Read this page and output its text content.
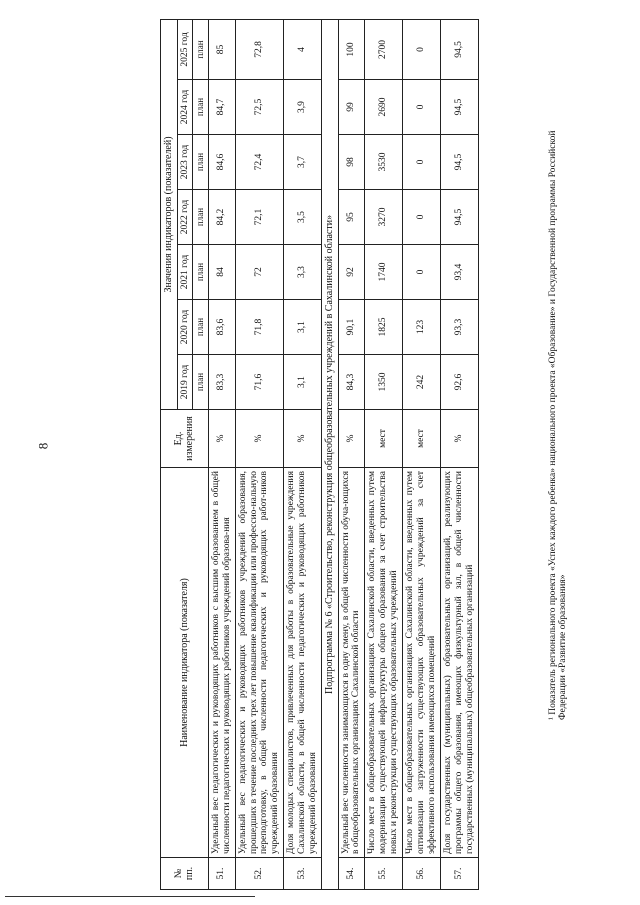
8
№ пп.	Наименование индикатора (показателя)	Ед. измерения	Значения индикаторов (показателей)						
			2019 год	2020 год	2021 год	2022 год	2023 год	2024 год	2025 год
			план	план	план	план	план	план	план
51.	Удельный вес педагогических и руководящих работников с высшим образованием в общей численности педагогических и руководящих работников учреждений образова-ния	%	83,3	83,6	84	84,2	84,6	84,7	85
52.	Удельный вес педагогических и руководящих работников учреждений образования, прошедших в течение последних трех лет повышение квалификации или профессио-нальную переподготовку, в общей численности педагогических и руководящих работ-ников учреждений образования	%	71,6	71,8	72	72,1	72,4	72,5	72,8
53.	Доля молодых специалистов, привлеченных для работы в образовательные учреждения Сахалинской области, в общей численности педагогических и руководящих работников учреждений образования	%	3,1	3,1	3,3	3,5	3,7	3,9	4
Подпрограмма № 6 «Строительство, реконструкция общеобразовательных учреждений в Сахалинской области»									
54.	Удельный вес численности занимающихся в одну смену, в общей численности обуча-ющихся в общеобразовательных организациях Сахалинской области	%	84,3	90,1	92	95	98	99	100
55.	Число мест в общеобразовательных организациях Сахалинской области, введенных путем модернизации существующей инфраструктуры общего образования за счет строительства новых и реконструкции существующих образовательных учреждений	мест	1350	1825	1740	3270	3530	2690	2700
56.	Число мест в общеобразовательных организациях Сахалинской области, введенных путем оптимизации загруженности существующих образовательных учреждений за счет эффективного использования имеющихся помещений	мест	242	123	0	0	0	0	0
57.	Доля государственных (муниципальных) образовательных организаций, реализующих программы общего образования, имеющих физкультурный зал, в общей численности государственных (муниципальных) общеобразовательных организаций	%	92,6	93,3	93,4	94,5	94,5	94,5	94,5
¹ Показатель регионального проекта «Успех каждого ребенка» национального проекта «Образование» и Государственной программы Российской Федерации «Развитие образования»
